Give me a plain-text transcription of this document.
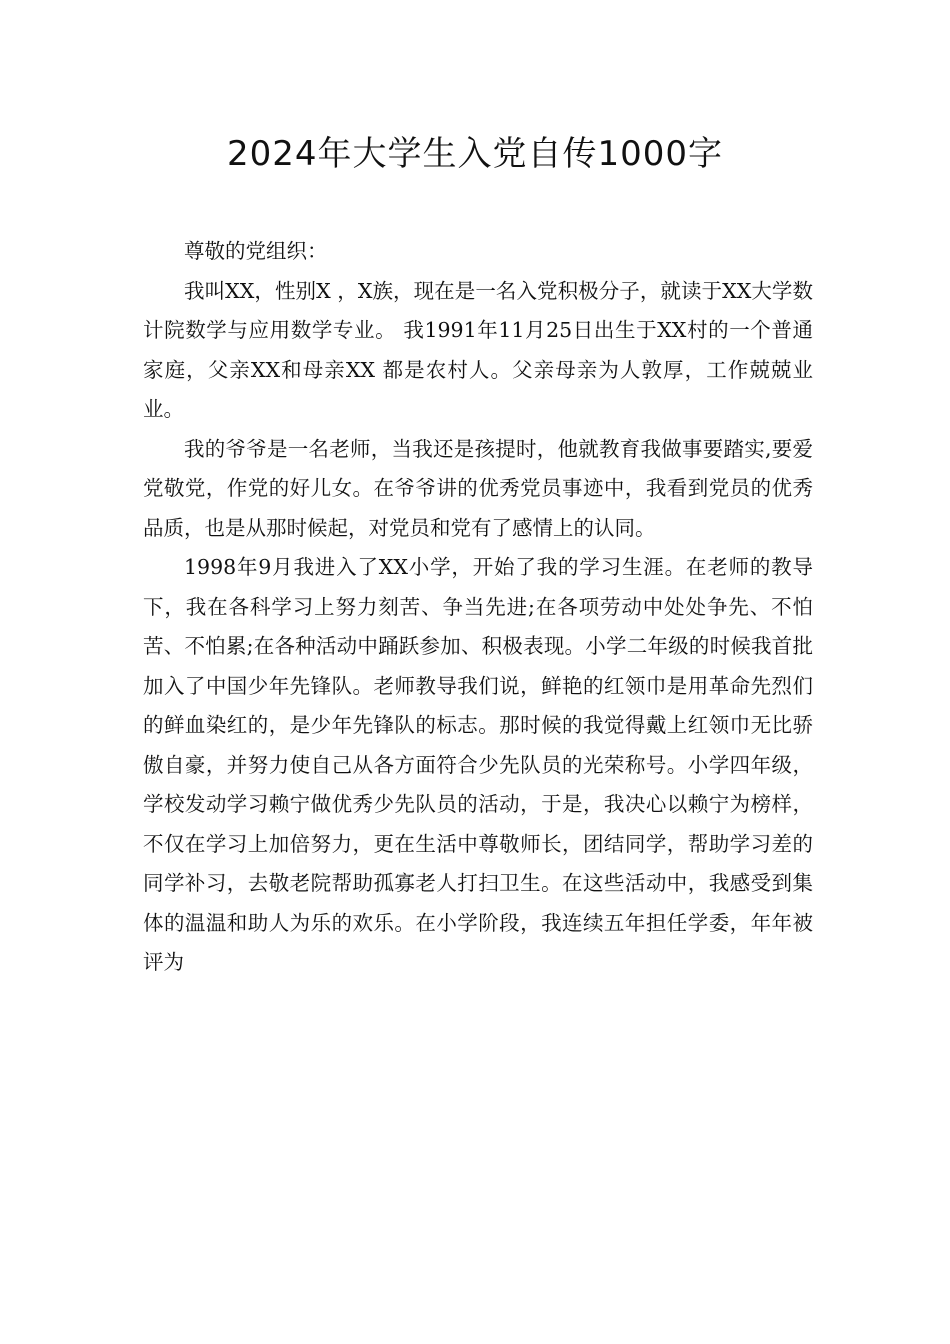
2024年大学生入党自传1000字

尊敬的党组织：

我叫XX，性别X ，X族，现在是一名入党积极分子，就读于XX大学数计院数学与应用数学专业。 我1991年11月25日出生于XX村的一个普通家庭，父亲XX和母亲XX 都是农村人。父亲母亲为人敦厚，工作兢兢业业。

我的爷爷是一名老师，当我还是孩提时，他就教育我做事要踏实,要爱党敬党，作党的好儿女。在爷爷讲的优秀党员事迹中，我看到党员的优秀品质，也是从那时候起，对党员和党有了感情上的认同。

1998年9月我进入了XX小学，开始了我的学习生涯。在老师的教导下，我在各科学习上努力刻苦、争当先进;在各项劳动中处处争先、不怕苦、不怕累;在各种活动中踊跃参加、积极表现。小学二年级的时候我首批加入了中国少年先锋队。老师教导我们说，鲜艳的红领巾是用革命先烈们的鲜血染红的，是少年先锋队的标志。那时候的我觉得戴上红领巾无比骄傲自豪，并努力使自己从各方面符合少先队员的光荣称号。小学四年级，学校发动学习赖宁做优秀少先队员的活动，于是，我决心以赖宁为榜样，不仅在学习上加倍努力，更在生活中尊敬师长，团结同学，帮助学习差的同学补习，去敬老院帮助孤寡老人打扫卫生。在这些活动中，我感受到集体的温温和助人为乐的欢乐。在小学阶段，我连续五年担任学委，年年被评为
